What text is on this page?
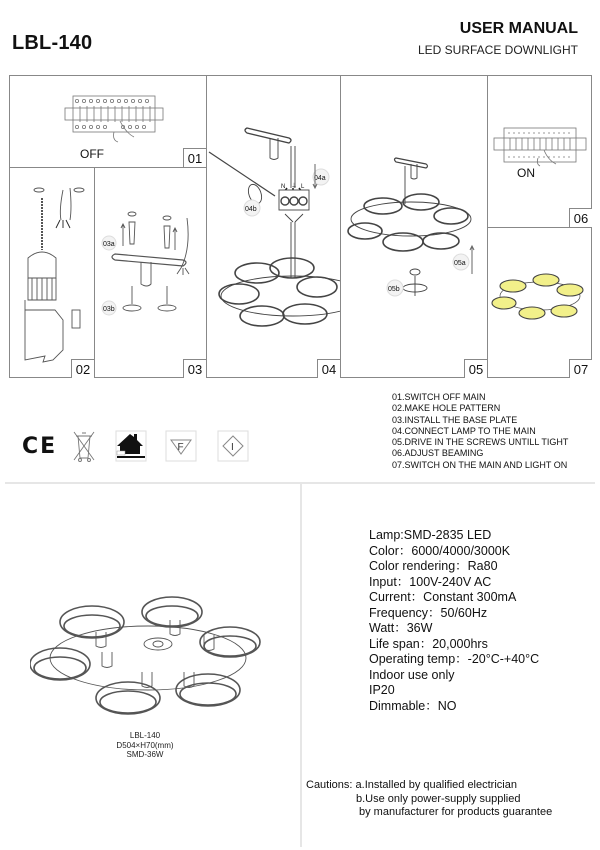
LBL-140
USER MANUAL
LED SURFACE DOWNLIGHT
OFF	01
02
03a
03b
03
N ⏚ L
04a
04b
04
05a
05b
05
ON
06
07
01.SWITCH OFF MAIN
02.MAKE HOLE PATTERN
03.INSTALL THE BASE PLATE
04.CONNECT LAMP TO THE MAIN
05.DRIVE IN THE SCREWS UNTILL TIGHT
06.ADJUST BEAMING
07.SWITCH ON THE MAIN AND LIGHT ON
CE	F	I
LBL-140
D504×H70(mm)
SMD-36W
Lamp:SMD-2835 LED
Color：6000/4000/3000K
Color rendering：Ra80
Input：100V-240V AC
Current：Constant 300mA
Frequency：50/60Hz
Watt：36W
Life span：20,000hrs
Operating temp：-20°C-+40°C
Indoor use only
IP20
Dimmable：NO
Cautions: a.Installed by qualified electrician
b.Use only power-supply supplied
by manufacturer for products guarantee
